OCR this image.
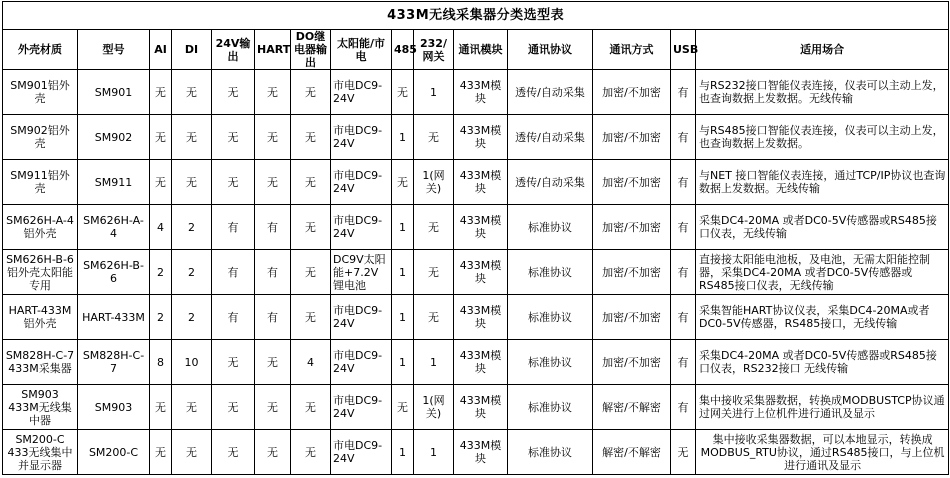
433M无线采集器分类选型表														
外壳材质	型号	AI	DI	24V输出	HART	DO继电器输出	太阳能/市电	485	232/网关	通讯模块	通讯协议	通讯方式	USB	适用场合
SM901铝外壳	SM901	无	无	无	无	无	市电DC9-24V	无	1	433M模块	透传/自动采集	加密/不加密	有	与RS232接口智能仪表连接，仪表可以主动上发，也查询数据上发数据。无线传输
SM902铝外壳	SM902	无	无	无	无	无	市电DC9-24V	1	无	433M模块	透传/自动采集	加密/不加密	有	与RS485接口智能仪表连接，仪表可以主动上发，也查询数据上发数据。
SM911铝外壳	SM911	无	无	无	无	无	市电DC9-24V	无	1(网关)	433M模块	透传/自动采集	加密/不加密	有	与NET 接口智能仪表连接，通过TCP/IP协议也查询数据上发数据。无线传输
SM626H-A-4铝外壳	SM626H-A-4	4	2	有	有	无	市电DC9-24V	1	无	433M模块	标准协议	加密/不加密	有	采集DC4-20MA 或者DC0-5V传感器或RS485接口仪表，无线传输
SM626H-B-6铝外壳太阳能专用	SM626H-B-6	2	2	有	有	无	DC9V太阳能+7.2V锂电池	1	无	433M模块	标准协议	加密/不加密	有	直接接太阳能电池板，及电池，无需太阳能控制器，采集DC4-20MA 或者DC0-5V传感器或RS485接口仪表，无线传输
HART-433M铝外壳	HART-433M	2	2	有	有	无	市电DC9-24V	1	无	433M模块	标准协议	加密/不加密	有	采集智能HART协议仪表，采集DC4-20MA或者DC0-5V传感器，RS485接口，无线传输
SM828H-C-7 433M采集器	SM828H-C-7	8	10	无	无	4	市电DC9-24V	1	1	433M模块	标准协议	加密/不加密	有	采集DC4-20MA 或者DC0-5V传感器或RS485接口仪表，RS232接口 无线传输
SM903 433M无线集中器	SM903	无	无	无	无	无	市电DC9-24V	无	1(网关)	433M模块	标准协议	解密/不解密	有	集中接收采集器数据，转换成MODBUSTCP协议通过网关进行上位机件进行通讯及显示
SM200-C 433无线集中并显示器	SM200-C	无	无	无	无	无	市电DC9-24V	1	1	433M模块	标准协议	解密/不解密	无	集中接收采集器数据，可以本地显示，转换成MODBUS_RTU协议，通过RS485接口，与上位机进行通讯及显示
